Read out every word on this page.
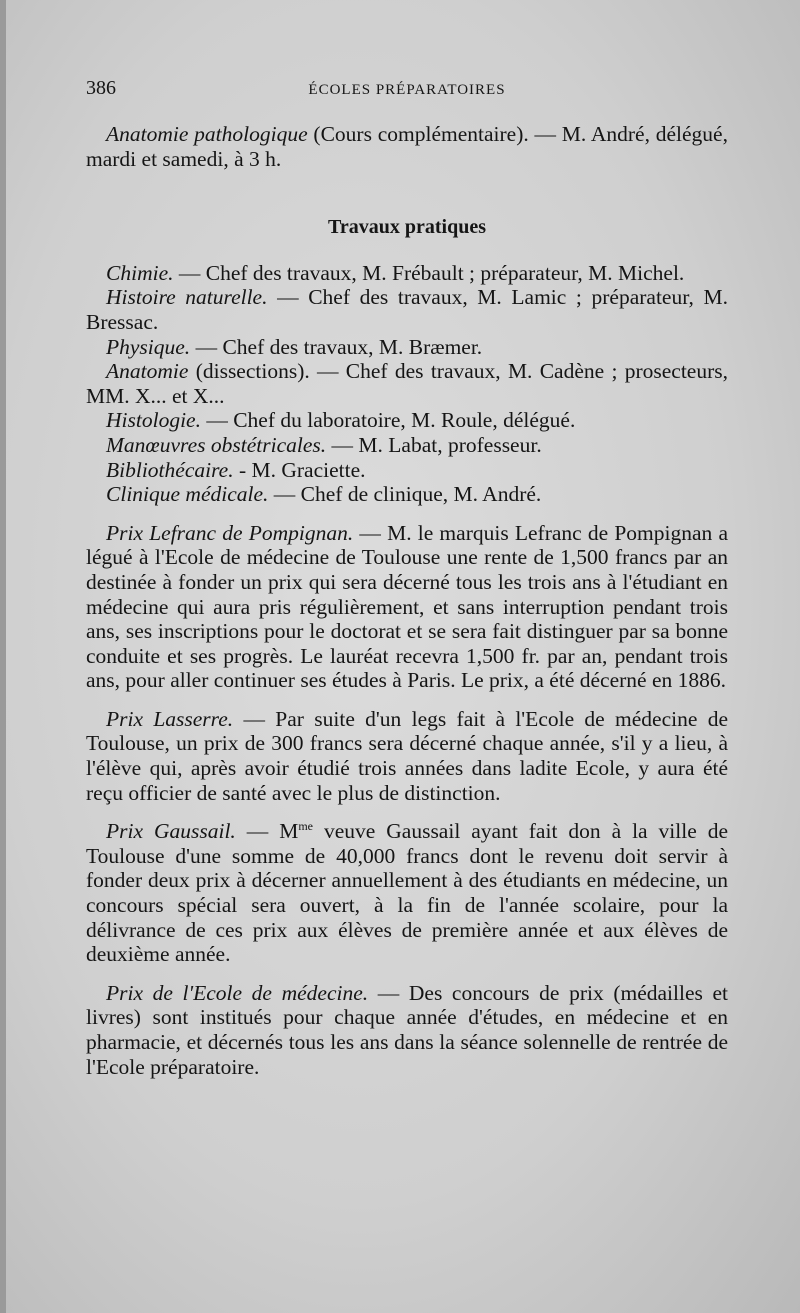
386	ÉCOLES PRÉPARATOIRES

Anatomie pathologique (Cours complémentaire). — M. André, délégué, mardi et samedi, à 3 h.

Travaux pratiques

Chimie. — Chef des travaux, M. Frébault ; préparateur, M. Michel.

Histoire naturelle. — Chef des travaux, M. Lamic ; préparateur, M. Bressac.

Physique. — Chef des travaux, M. Bræmer.

Anatomie (dissections). — Chef des travaux, M. Cadène ; prosecteurs, MM. X... et X...

Histologie. — Chef du laboratoire, M. Roule, délégué.

Manœuvres obstétricales. — M. Labat, professeur.

Bibliothécaire. - M. Graciette.

Clinique médicale. — Chef de clinique, M. André.

Prix Lefranc de Pompignan. — M. le marquis Lefranc de Pompignan a légué à l'Ecole de médecine de Toulouse une rente de 1,500 francs par an destinée à fonder un prix qui sera décerné tous les trois ans à l'étudiant en médecine qui aura pris régulièrement, et sans interruption pendant trois ans, ses inscriptions pour le doctorat et se sera fait distinguer par sa bonne conduite et ses progrès. Le lauréat recevra 1,500 fr. par an, pendant trois ans, pour aller continuer ses études à Paris. Le prix, a été décerné en 1886.

Prix Lasserre. — Par suite d'un legs fait à l'Ecole de médecine de Toulouse, un prix de 300 francs sera décerné chaque année, s'il y a lieu, à l'élève qui, après avoir étudié trois années dans ladite Ecole, y aura été reçu officier de santé avec le plus de distinction.

Prix Gaussail. — $M^{me}$ veuve Gaussail ayant fait don à la ville de Toulouse d'une somme de 40,000 francs dont le revenu doit servir à fonder deux prix à décerner annuellement à des étudiants en médecine, un concours spécial sera ouvert, à la fin de l'année scolaire, pour la délivrance de ces prix aux élèves de première année et aux élèves de deuxième année.

Prix de l'Ecole de médecine. — Des concours de prix (médailles et livres) sont institués pour chaque année d'études, en médecine et en pharmacie, et décernés tous les ans dans la séance solennelle de rentrée de l'Ecole préparatoire.
